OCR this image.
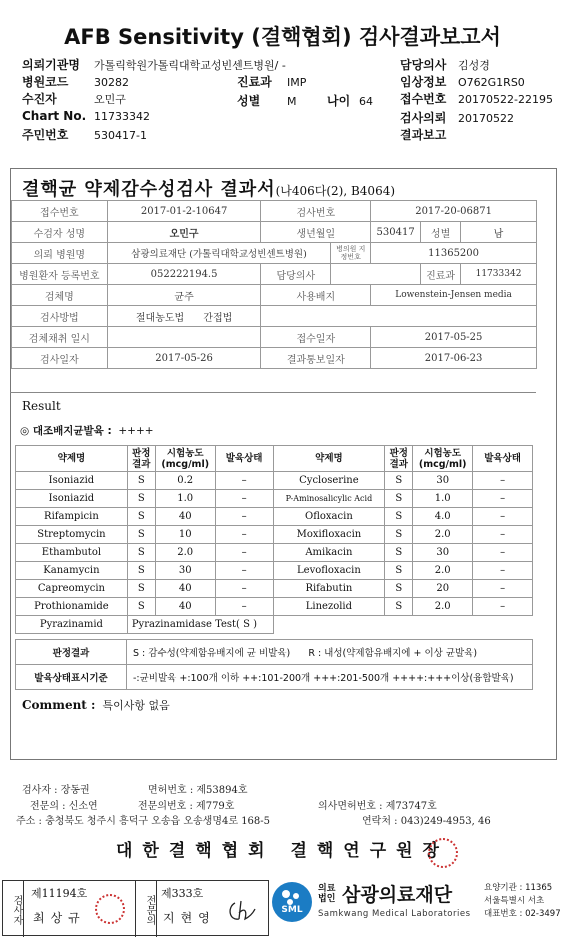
AFB Sensitivity (결핵협회) 검사결과보고서
의뢰기관명 가톨릭학원가톨릭대학교성빈센트병원/ -
병원코드 30282
수진자	오민구
Chart No. 11733342
주민번호 530417-1
진료과 IMP
성별 M	나이 64
담당의사 김성경
임상정보 O762G1RS0
접수번호 20170522-22195
검사의뢰 20170522
결과보고
결핵균 약제감수성검사 결과서(나406다(2), B4064)
접수번호	2017-01-2-10647	검사번호		2017-20-06871		
수검자 성명	오민구	생년월일		530417	성별	남
의뢰 병원명	삼광의료재단 (가톨릭대학교성빈센트병원)		병의원 지정번호	11365200		
병원환자 등록번호	052222194.5	담당의사			진료과	11733342
검체명	균주	사용배지		Lowenstein-Jensen media		
검사방법	절대농도법 간접법					
검체채취 일시		접수일자		2017-05-25		
검사일자	2017-05-26	결과통보일자		2017-06-23		
Result
◎ 대조배지균발육 : ++++
약제명	판정결과	시험농도(mcg/ml)	발육상태	약제명	판정결과	시험농도(mcg/ml)	발육상태
Isoniazid	S	0.2	–	Cycloserine	S	30	–
Isoniazid	S	1.0	–	P-Aminosalicylic Acid	S	1.0	–
Rifampicin	S	40	–	Ofloxacin	S	4.0	–
Streptomycin	S	10	–	Moxifloxacin	S	2.0	–
Ethambutol	S	2.0	–	Amikacin	S	30	–
Kanamycin	S	30	–	Levofloxacin	S	2.0	–
Capreomycin	S	40	–	Rifabutin	S	20	–
Prothionamide	S	40	–	Linezolid	S	2.0	–
Pyrazinamid	Pyrazinamidase Test( S )						
판정결과	S : 감수성(약제함유배지에 균 비발육) R : 내성(약제함유배지에 + 이상 균발육)
발육상태표시기준	-:균비발육 +:100개 이하 ++:101-200개 +++:201-500개 ++++:+++이상(융합발육)
Comment : 특이사항 없음
검사자 : 장동권	면허번호 : 제53894호
전문의 : 신소연	전문의번호 : 제779호	의사면허번호 : 제73747호
주소 : 충청북도 청주시 흥덕구 오송읍 오송생명4로 168-5	연락처 : 043)249-4953, 46
대한결핵협회 결핵연구원장
검사자
제11194호
최상규	전문의
제333호
지현영
SML
의료법인 삼광의료재단
Samkwang Medical Laboratories
요양기관 : 11365
서울특별시 서초
대표번호 : 02-3497
